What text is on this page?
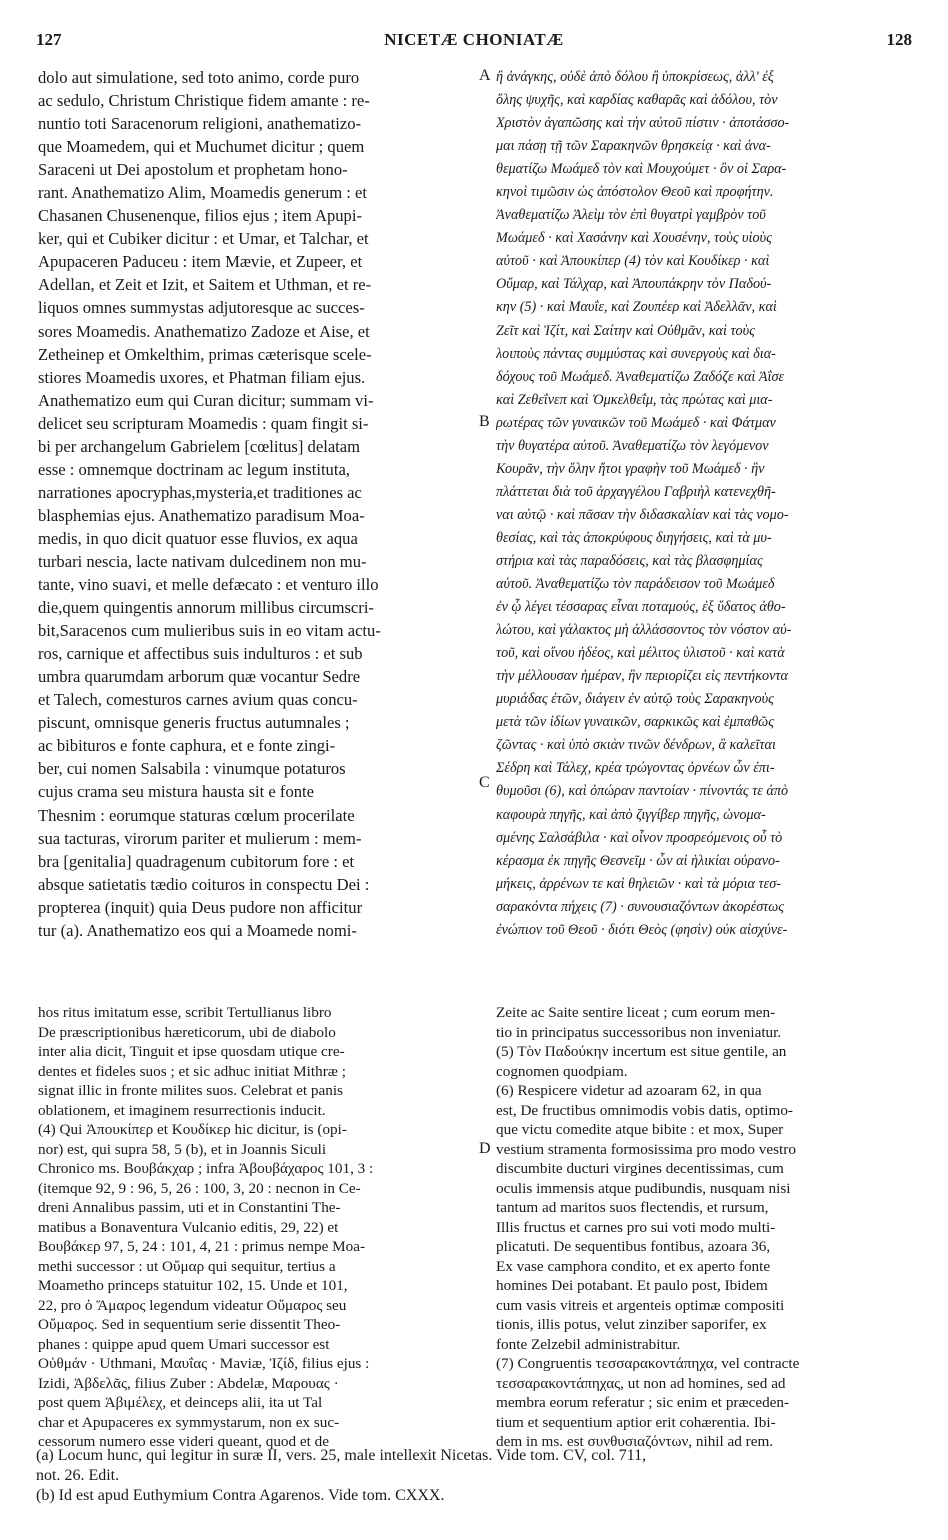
127	NICETÆ CHONIATÆ	128
dolo aut simulatione, sed toto animo, corde puro
ac sedulo, Christum Christique fidem amante : re-
nuntio toti Saracenorum religioni, anathematizo-
que Moamedem, qui et Muchumet dicitur ; quem
Saraceni ut Dei apostolum et prophetam hono-
rant. Anathematizo Alim, Moamedis generum : et
Chasanen Chusenenque, filios ejus ; item Apupi-
ker, qui et Cubiker dicitur : et Umar, et Talchar, et
Apupaceren Paduceu : item Mævie, et Zupeer, et
Adellan, et Zeit et Izit, et Saitem et Uthman, et re-
liquos omnes summystas adjutoresque ac succes-
sores Moamedis. Anathematizo Zadoze et Aise, et
Zetheinep et Omkelthim, primas cæterisque scele-
stiores Moamedis uxores, et Phatman filiam ejus.
Anathematizo eum qui Curan dicitur; summam vi-
delicet seu scripturam Moamedis : quam fingit si-
bi per archangelum Gabrielem [cœlitus] delatam
esse : omnemque doctrinam ac legum instituta,
narrationes apocryphas,mysteria,et traditiones ac
blasphemias ejus. Anathematizo paradisum Moa-
medis, in quo dicit quatuor esse fluvios, ex aqua
turbari nescia, lacte nativam dulcedinem non mu-
tante, vino suavi, et melle defæcato : et venturo illo
die,quem quingentis annorum millibus circumscri-
bit,Saracenos cum mulieribus suis in eo vitam actu-
ros, carnique et affectibus suis indulturos : et sub
umbra quarumdam arborum quæ vocantur Sedre
et Talech, comesturos carnes avium quas concu-
piscunt, omnisque generis fructus autumnales ;
ac bibituros e fonte caphura, et e fonte zingi-
ber, cui nomen Salsabila : vinumque potaturos
cujus crama seu mistura hausta sit e fonte
Thesnim : eorumque staturas cœlum procerilate
sua tacturas, virorum pariter et mulierum : mem-
bra [genitalia] quadragenum cubitorum fore : et
absque satietatis tædio coituros in conspectu Dei :
propterea (inquit) quia Deus pudore non afficitur
tur (a). Anathematizo eos qui a Moamede nomi-
ἢ ἀνάγκης, οὐδὲ ἀπὸ δόλου ἢ ὑποκρίσεως, ἀλλ' ἐξ
ὅλης ψυχῆς, καὶ καρδίας καθαρᾶς καὶ ἀδόλου, τὸν
Χριστὸν ἀγαπῶσης καὶ τὴν αὐτοῦ πίστιν · ἀποτάσσο-
μαι πάσῃ τῇ τῶν Σαρακηνῶν θρησκείᾳ · καὶ ἀνα-
θεματίζω Μωάμεδ τὸν καὶ Μουχούμετ · ὃν οἱ Σαρα-
κηνοὶ τιμῶσιν ὡς ἀπόστολον Θεοῦ καὶ προφήτην.
Ἀναθεματίζω Ἀλεὶμ τὸν ἐπὶ θυγατρὶ γαμβρὸν τοῦ
Μωάμεδ · καὶ Χασάνην καὶ Χουσένην, τοὺς υἱοὺς
αὐτοῦ · καὶ Ἀπουκίπερ (4) τὸν καὶ Κουδίκερ · καὶ
Οὔμαρ, καὶ Τάλχαρ, καὶ Ἀπουπάκρην τὸν Παδού-
κην (5) · καὶ Μαυΐε, καὶ Ζουπέερ καὶ Ἀδελλᾶν, καὶ
Ζεῖτ καὶ Ἰζίτ, καὶ Σαίτην καὶ Οὐθμᾶν, καὶ τοὺς
λοιποὺς πάντας συμμύστας καὶ συνεργοὺς καὶ δια-
δόχους τοῦ Μωάμεδ. Ἀναθεματίζω Ζαδόζε καὶ Ἀΐσε
καὶ Ζεθεΐνεπ καὶ Ὀμκελθεΐμ, τὰς πρώτας καὶ μια-
ρωτέρας τῶν γυναικῶν τοῦ Μωάμεδ · καὶ Φάτμαν
τὴν θυγατέρα αὐτοῦ. Ἀναθεματίζω τὸν λεγόμενον
Κουρᾶν, τὴν ὅλην ἤτοι γραφὴν τοῦ Μωάμεδ · ἣν
πλάττεται διὰ τοῦ ἀρχαγγέλου Γαβριὴλ κατενεχθῆ-
ναι αὐτῷ · καὶ πᾶσαν τὴν διδασκαλίαν καὶ τὰς νομο-
θεσίας, καὶ τὰς ἀποκρύφους διηγήσεις, καὶ τὰ μυ-
στήρια καὶ τὰς παραδόσεις, καὶ τὰς βλασφημίας
αὐτοῦ. Ἀναθεματίζω τὸν παράδεισον τοῦ Μωάμεδ
ἐν ᾧ λέγει τέσσαρας εἶναι ποταμούς, ἐξ ὕδατος ἀθο-
λώτου, καὶ γάλακτος μὴ ἀλλάσσοντος τὸν νόστον αὐ-
τοῦ, καὶ οἴνου ἡδέος, καὶ μέλιτος ὑλιστοῦ · καὶ κατὰ
τὴν μέλλουσαν ἡμέραν, ἣν περιορίζει εἰς πεντήκοντα
μυριάδας ἐτῶν, διάγειν ἐν αὐτῷ τοὺς Σαρακηνοὺς
μετὰ τῶν ἰδίων γυναικῶν, σαρκικῶς καὶ ἐμπαθῶς
ζῶντας · καὶ ὑπὸ σκιὰν τινῶν δένδρων, ἃ καλεῖται
Σέδρη καὶ Τάλεχ, κρέα τρώγοντας ὀρνέων ὧν ἐπι-
θυμοῦσι (6), καὶ ὀπώραν παντοίαν · πίνοντάς τε ἀπὸ
καφουρὰ πηγῆς, καὶ ἀπὸ ζιγγίβερ πηγῆς, ὠνομα-
σμένης Σαλσάβιλα · καὶ οἶνον προσρεόμενοις οὗ τὸ
κέρασμα ἐκ πηγῆς Θεσνεῖμ · ὧν αἱ ἡλικίαι οὐρανο-
μήκεις, ἀρρένων τε καὶ θηλειῶν · καὶ τὰ μόρια τεσ-
σαρακόντα πήχεις (7) · συνουσιαζόντων ἀκορέστως
ἐνώπιον τοῦ Θεοῦ · διότι Θεὸς (φησὶν) οὐκ αἰσχύνε-
A
B
C
D
hos ritus imitatum esse, scribit Tertullianus libro
De præscriptionibus hæreticorum, ubi de diabolo
inter alia dicit, Tinguit et ipse quosdam utique cre-
dentes et fideles suos ; et sic adhuc initiat Mithræ ;
signat illic in fronte milites suos. Celebrat et panis
oblationem, et imaginem resurrectionis inducit.
(4) Qui Ἀπουκίπερ et Κουδίκερ hic dicitur, is (opi-
nor) est, qui supra 58, 5 (b), et in Joannis Siculi
Chronico ms. Βουβάκχαρ ; infra Ἀβουβάχαρος 101, 3 :
(itemque 92, 9 : 96, 5, 26 : 100, 3, 20 : necnon in Ce-
dreni Annalibus passim, uti et in Constantini The-
matibus a Bonaventura Vulcanio editis, 29, 22) et
Βουβάκερ 97, 5, 24 : 101, 4, 21 : primus nempe Moa-
methi successor : ut Οὔμαρ qui sequitur, tertius a
Moametho princeps statuitur 102, 15. Unde et 101,
22, pro ὁ Ἄμαρος legendum videatur Οὔμαρος seu
Οὔμαρος. Sed in sequentium serie dissentit Theo-
phanes : quippe apud quem Umari successor est
Οὐθμάν · Uthmani, Μαυΐας · Maviæ, Ἰζίδ, filius ejus :
Izidi, Ἀβδελᾶς, filius Zuber : Abdelæ, Μαρουας ·
post quem Ἀβιμέλεχ, et deinceps alii, ita ut Tal
char et Apupaceres ex symmystarum, non ex suc-
cessorum numero esse videri queant, quod et de
Zeite ac Saite sentire liceat ; cum eorum men-
tio in principatus successoribus non inveniatur.
(5) Τὸν Παδούκην incertum est situe gentile, an
cognomen quodpiam.
(6) Respicere videtur ad azoaram 62, in qua
est, De fructibus omnimodis vobis datis, optimo-
que victu comedite atque bibite : et mox, Super
vestium stramenta formosissima pro modo vestro
discumbite ducturi virgines decentissimas, cum
oculis immensis atque pudibundis, nusquam nisi
tantum ad maritos suos flectendis, et rursum,
Illis fructus et carnes pro sui voti modo multi-
plicatuti. De sequentibus fontibus, azoara 36,
Ex vase camphora condito, et ex aperto fonte
homines Dei potabant. Et paulo post, Ibidem
cum vasis vitreis et argenteis optimæ compositi
tionis, illis potus, velut zinziber saporifer, ex
fonte Zelzebil administrabitur.
(7) Congruentis τεσσαρακοντάπηχα, vel contracte
τεσσαρακοντάπηχας, ut non ad homines, sed ad
membra eorum referatur ; sic enim et præceden-
tium et sequentium aptior erit cohærentia. Ibi-
dem in ms. est συνθυσιαζόντων, nihil ad rem.
(a) Locum hunc, qui legitur in suræ II, vers. 25, male intellexit Nicetas. Vide tom. CV, col. 711,
not. 26. Edit.
(b) Id est apud Euthymium Contra Agarenos. Vide tom. CXXX.
